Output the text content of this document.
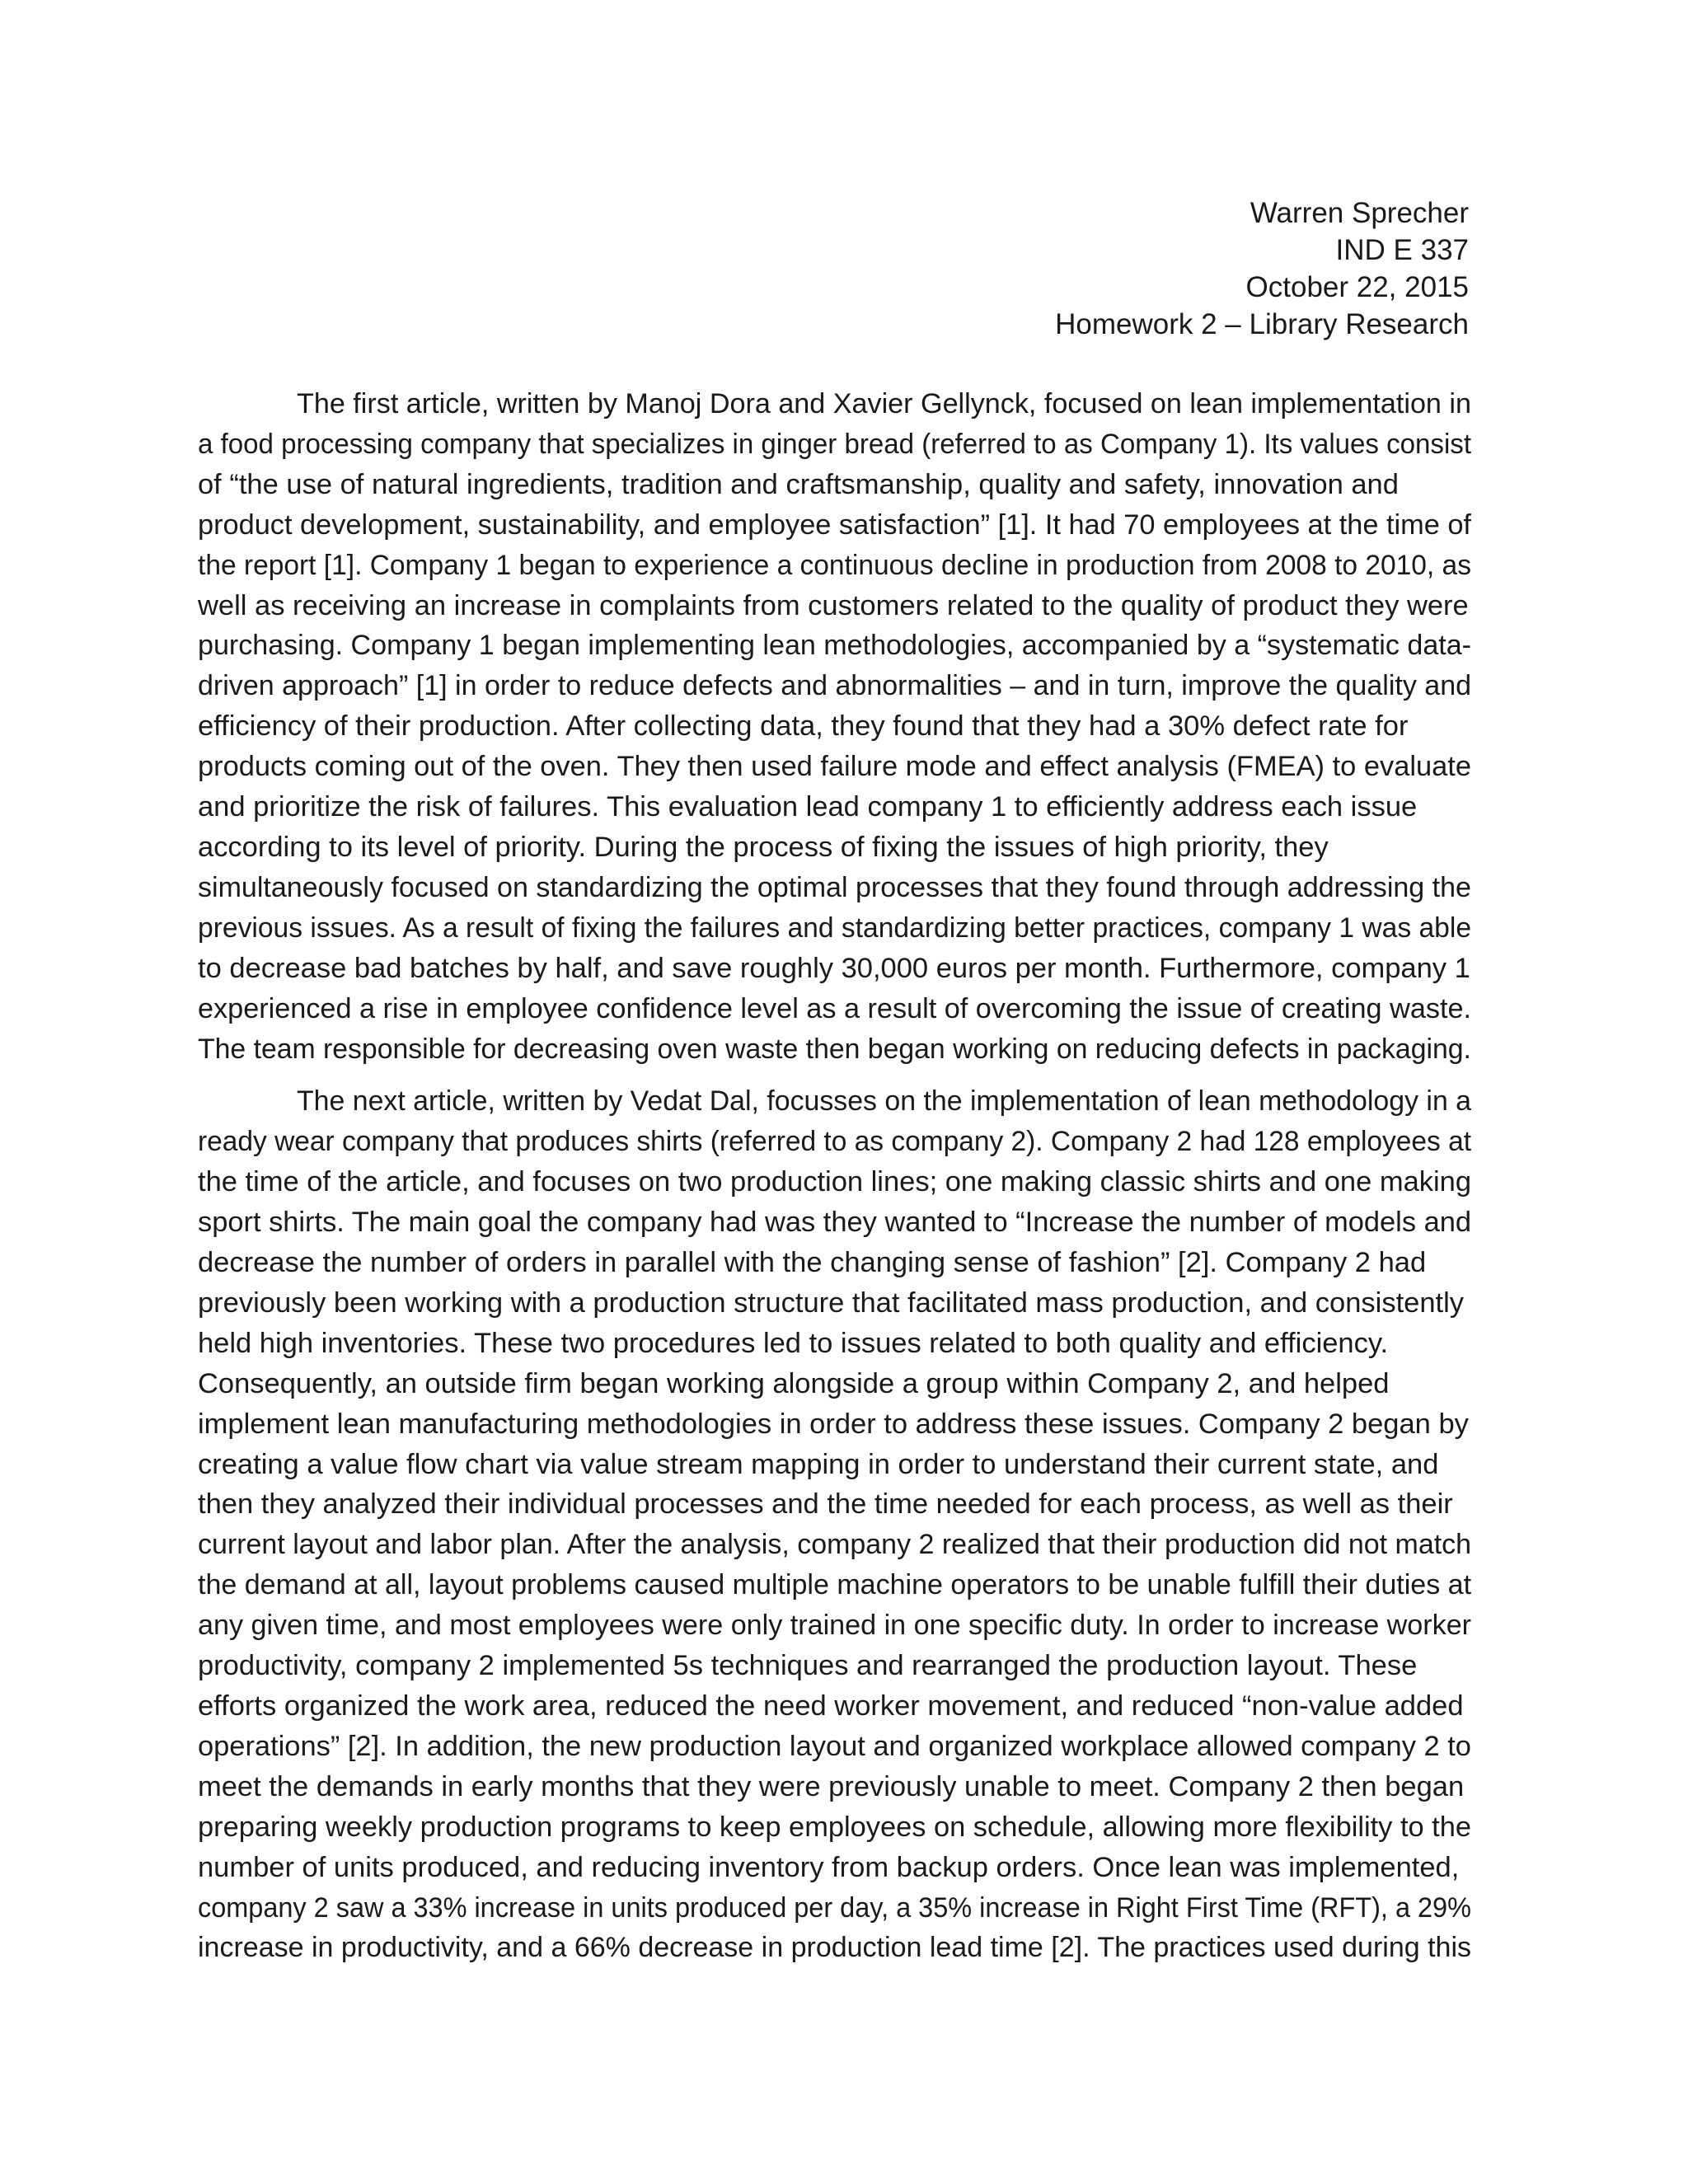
Warren Sprecher
IND E 337
October 22, 2015
Homework 2 – Library Research

The first article, written by Manoj Dora and Xavier Gellynck, focused on lean implementation in
a food processing company that specializes in ginger bread (referred to as Company 1). Its values consist
of “the use of natural ingredients, tradition and craftsmanship, quality and safety, innovation and
product development, sustainability, and employee satisfaction” [1]. It had 70 employees at the time of
the report [1]. Company 1 began to experience a continuous decline in production from 2008 to 2010, as
well as receiving an increase in complaints from customers related to the quality of product they were
purchasing. Company 1 began implementing lean methodologies, accompanied by a “systematic data-
driven approach” [1] in order to reduce defects and abnormalities – and in turn, improve the quality and
efficiency of their production. After collecting data, they found that they had a 30% defect rate for
products coming out of the oven. They then used failure mode and effect analysis (FMEA) to evaluate
and prioritize the risk of failures. This evaluation lead company 1 to efficiently address each issue
according to its level of priority. During the process of fixing the issues of high priority, they
simultaneously focused on standardizing the optimal processes that they found through addressing the
previous issues. As a result of fixing the failures and standardizing better practices, company 1 was able
to decrease bad batches by half, and save roughly 30,000 euros per month. Furthermore, company 1
experienced a rise in employee confidence level as a result of overcoming the issue of creating waste.
The team responsible for decreasing oven waste then began working on reducing defects in packaging.

The next article, written by Vedat Dal, focusses on the implementation of lean methodology in a
ready wear company that produces shirts (referred to as company 2). Company 2 had 128 employees at
the time of the article, and focuses on two production lines; one making classic shirts and one making
sport shirts. The main goal the company had was they wanted to “Increase the number of models and
decrease the number of orders in parallel with the changing sense of fashion” [2]. Company 2 had
previously been working with a production structure that facilitated mass production, and consistently
held high inventories. These two procedures led to issues related to both quality and efficiency.
Consequently, an outside firm began working alongside a group within Company 2, and helped
implement lean manufacturing methodologies in order to address these issues. Company 2 began by
creating a value flow chart via value stream mapping in order to understand their current state, and
then they analyzed their individual processes and the time needed for each process, as well as their
current layout and labor plan. After the analysis, company 2 realized that their production did not match
the demand at all, layout problems caused multiple machine operators to be unable fulfill their duties at
any given time, and most employees were only trained in one specific duty. In order to increase worker
productivity, company 2 implemented 5s techniques and rearranged the production layout. These
efforts organized the work area, reduced the need worker movement, and reduced “non-value added
operations” [2]. In addition, the new production layout and organized workplace allowed company 2 to
meet the demands in early months that they were previously unable to meet. Company 2 then began
preparing weekly production programs to keep employees on schedule, allowing more flexibility to the
number of units produced, and reducing inventory from backup orders. Once lean was implemented,
company 2 saw a 33% increase in units produced per day, a 35% increase in Right First Time (RFT), a 29%
increase in productivity, and a 66% decrease in production lead time [2]. The practices used during this
